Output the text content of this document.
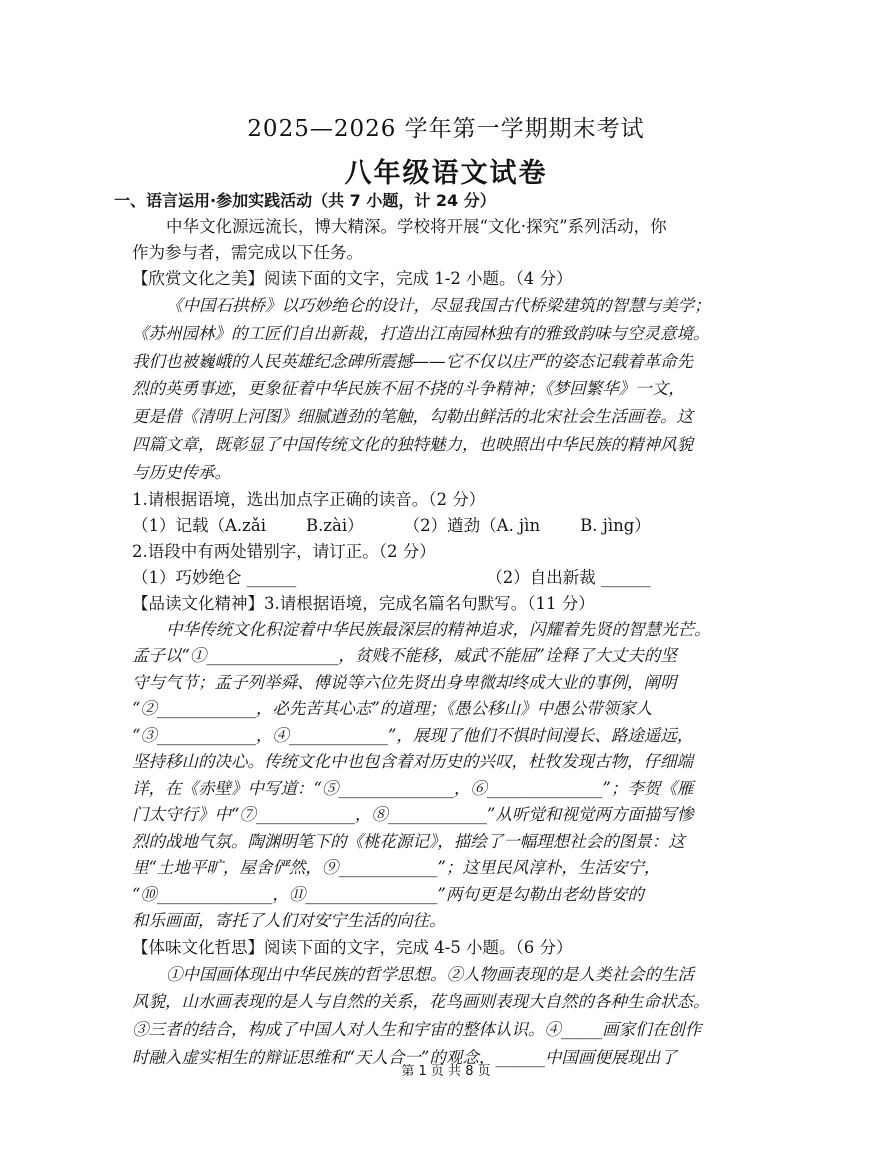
2025—2026 学年第一学期期末考试
八年级语文试卷
一、语言运用·参加实践活动（共 7 小题，计 24 分）
中华文化源远流长，博大精深。学校将开展“文化·探究”系列活动，你
作为参与者，需完成以下任务。
【欣赏文化之美】阅读下面的文字，完成 1-2 小题。（4 分）
《中国石拱桥》以巧妙绝仑的设计，尽显我国古代桥梁建筑的智慧与美学；
《苏州园林》的工匠们自出新裁，打造出江南园林独有的雅致韵味与空灵意境。
我们也被巍峨的人民英雄纪念碑所震撼——它不仅以庄严的姿态记载着革命先
烈的英勇事迹，更象征着中华民族不屈不挠的斗争精神；《梦回繁华》一文，
更是借《清明上河图》细腻遒劲的笔触，勾勒出鲜活的北宋社会生活画卷。这
四篇文章，既彰显了中国传统文化的独特魅力，也映照出中华民族的精神风貌
与历史传承。
1.请根据语境，选出加点字正确的读音。（2 分）
（1）记载（A.zǎi B.zài） （2）遒劲（A. jìn B. jìng）
2.语段中有两处错别字，请订正。（2 分）
（1）巧妙绝仑 ______	（2）自出新裁 ______
【品读文化精神】3.请根据语境，完成名篇名句默写。（11 分）
中华传统文化积淀着中华民族最深层的精神追求，闪耀着先贤的智慧光芒。
孟子以“①________________，贫贱不能移，威武不能屈”诠释了大丈夫的坚
守与气节；孟子列举舜、傅说等六位先贤出身卑微却终成大业的事例，阐明
“②____________，必先苦其心志”的道理；《愚公移山》中愚公带领家人
“③____________，④____________”，展现了他们不惧时间漫长、路途遥远，
坚持移山的决心。传统文化中也包含着对历史的兴叹，杜牧发现古物，仔细端
详，在《赤壁》中写道：“⑤______________，⑥______________”；李贺《雁
门太守行》中“⑦____________，⑧____________”从听觉和视觉两方面描写惨
烈的战地气氛。陶渊明笔下的《桃花源记》，描绘了一幅理想社会的图景：这
里“土地平旷，屋舍俨然，⑨____________”；这里民风淳朴，生活安宁，
“⑩______________，⑪________________”两句更是勾勒出老幼皆安的
和乐画面，寄托了人们对安宁生活的向往。
【体味文化哲思】阅读下面的文字，完成 4-5 小题。（6 分）
①中国画体现出中华民族的哲学思想。②人物画表现的是人类社会的生活
风貌，山水画表现的是人与自然的关系，花鸟画则表现大自然的各种生命状态。
③三者的结合，构成了中国人对人生和宇宙的整体认识。④_____画家们在创作
时融入虚实相生的辩证思维和“天人合一”的观念，______中国画便展现出了
第 1 页 共 8 页
